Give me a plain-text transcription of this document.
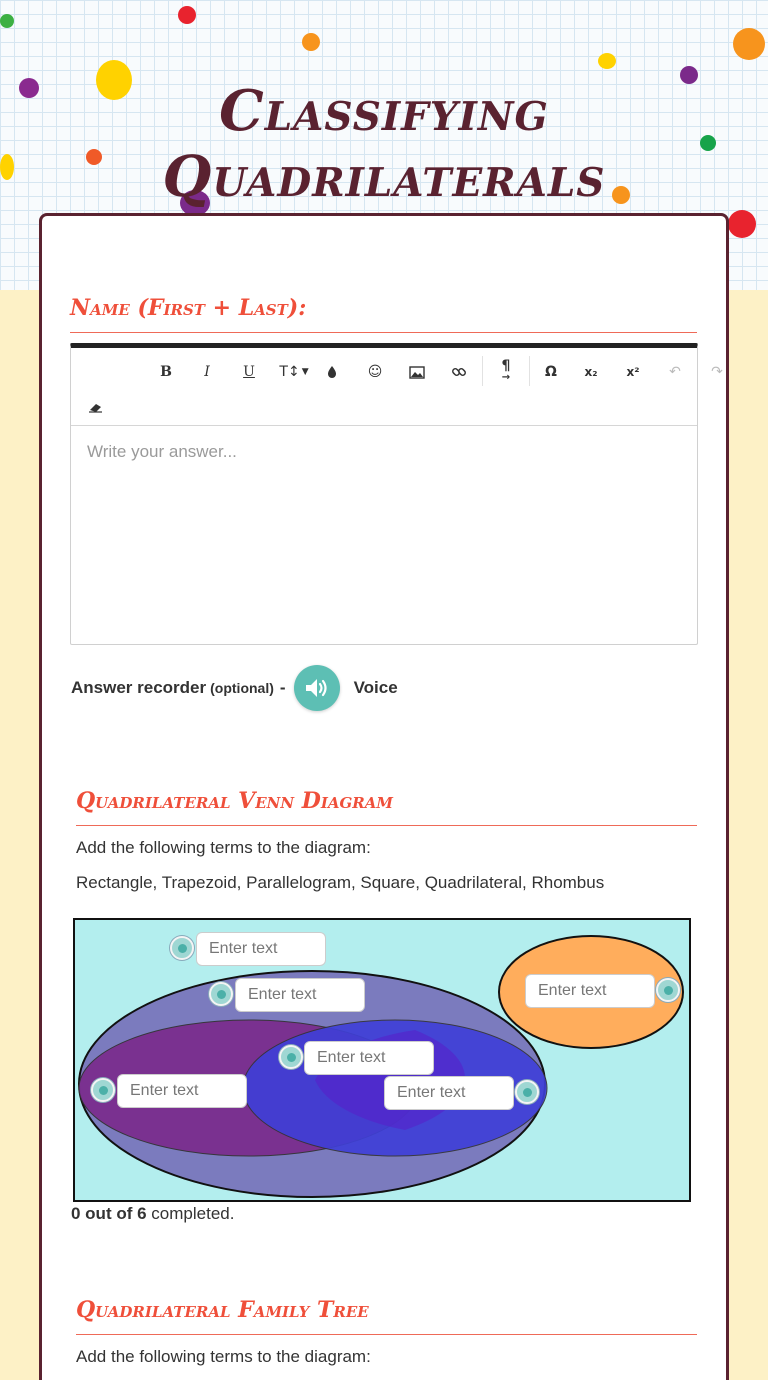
Classifying Quadrilaterals
Name (First + Last):
B	I	U	T↕ ▼	☺	¶
→	Ω	x₂	x²	↶	↷
Write your answer...
Answer recorder (optional) -	Voice
Quadrilateral Venn Diagram
Add the following terms to the diagram:
Rectangle, Trapezoid, Parallelogram, Square, Quadrilateral, Rhombus
Enter text
Enter text	Enter text
Enter text
Enter text	Enter text
0 out of 6 completed.
Quadrilateral Family Tree
Add the following terms to the diagram:
